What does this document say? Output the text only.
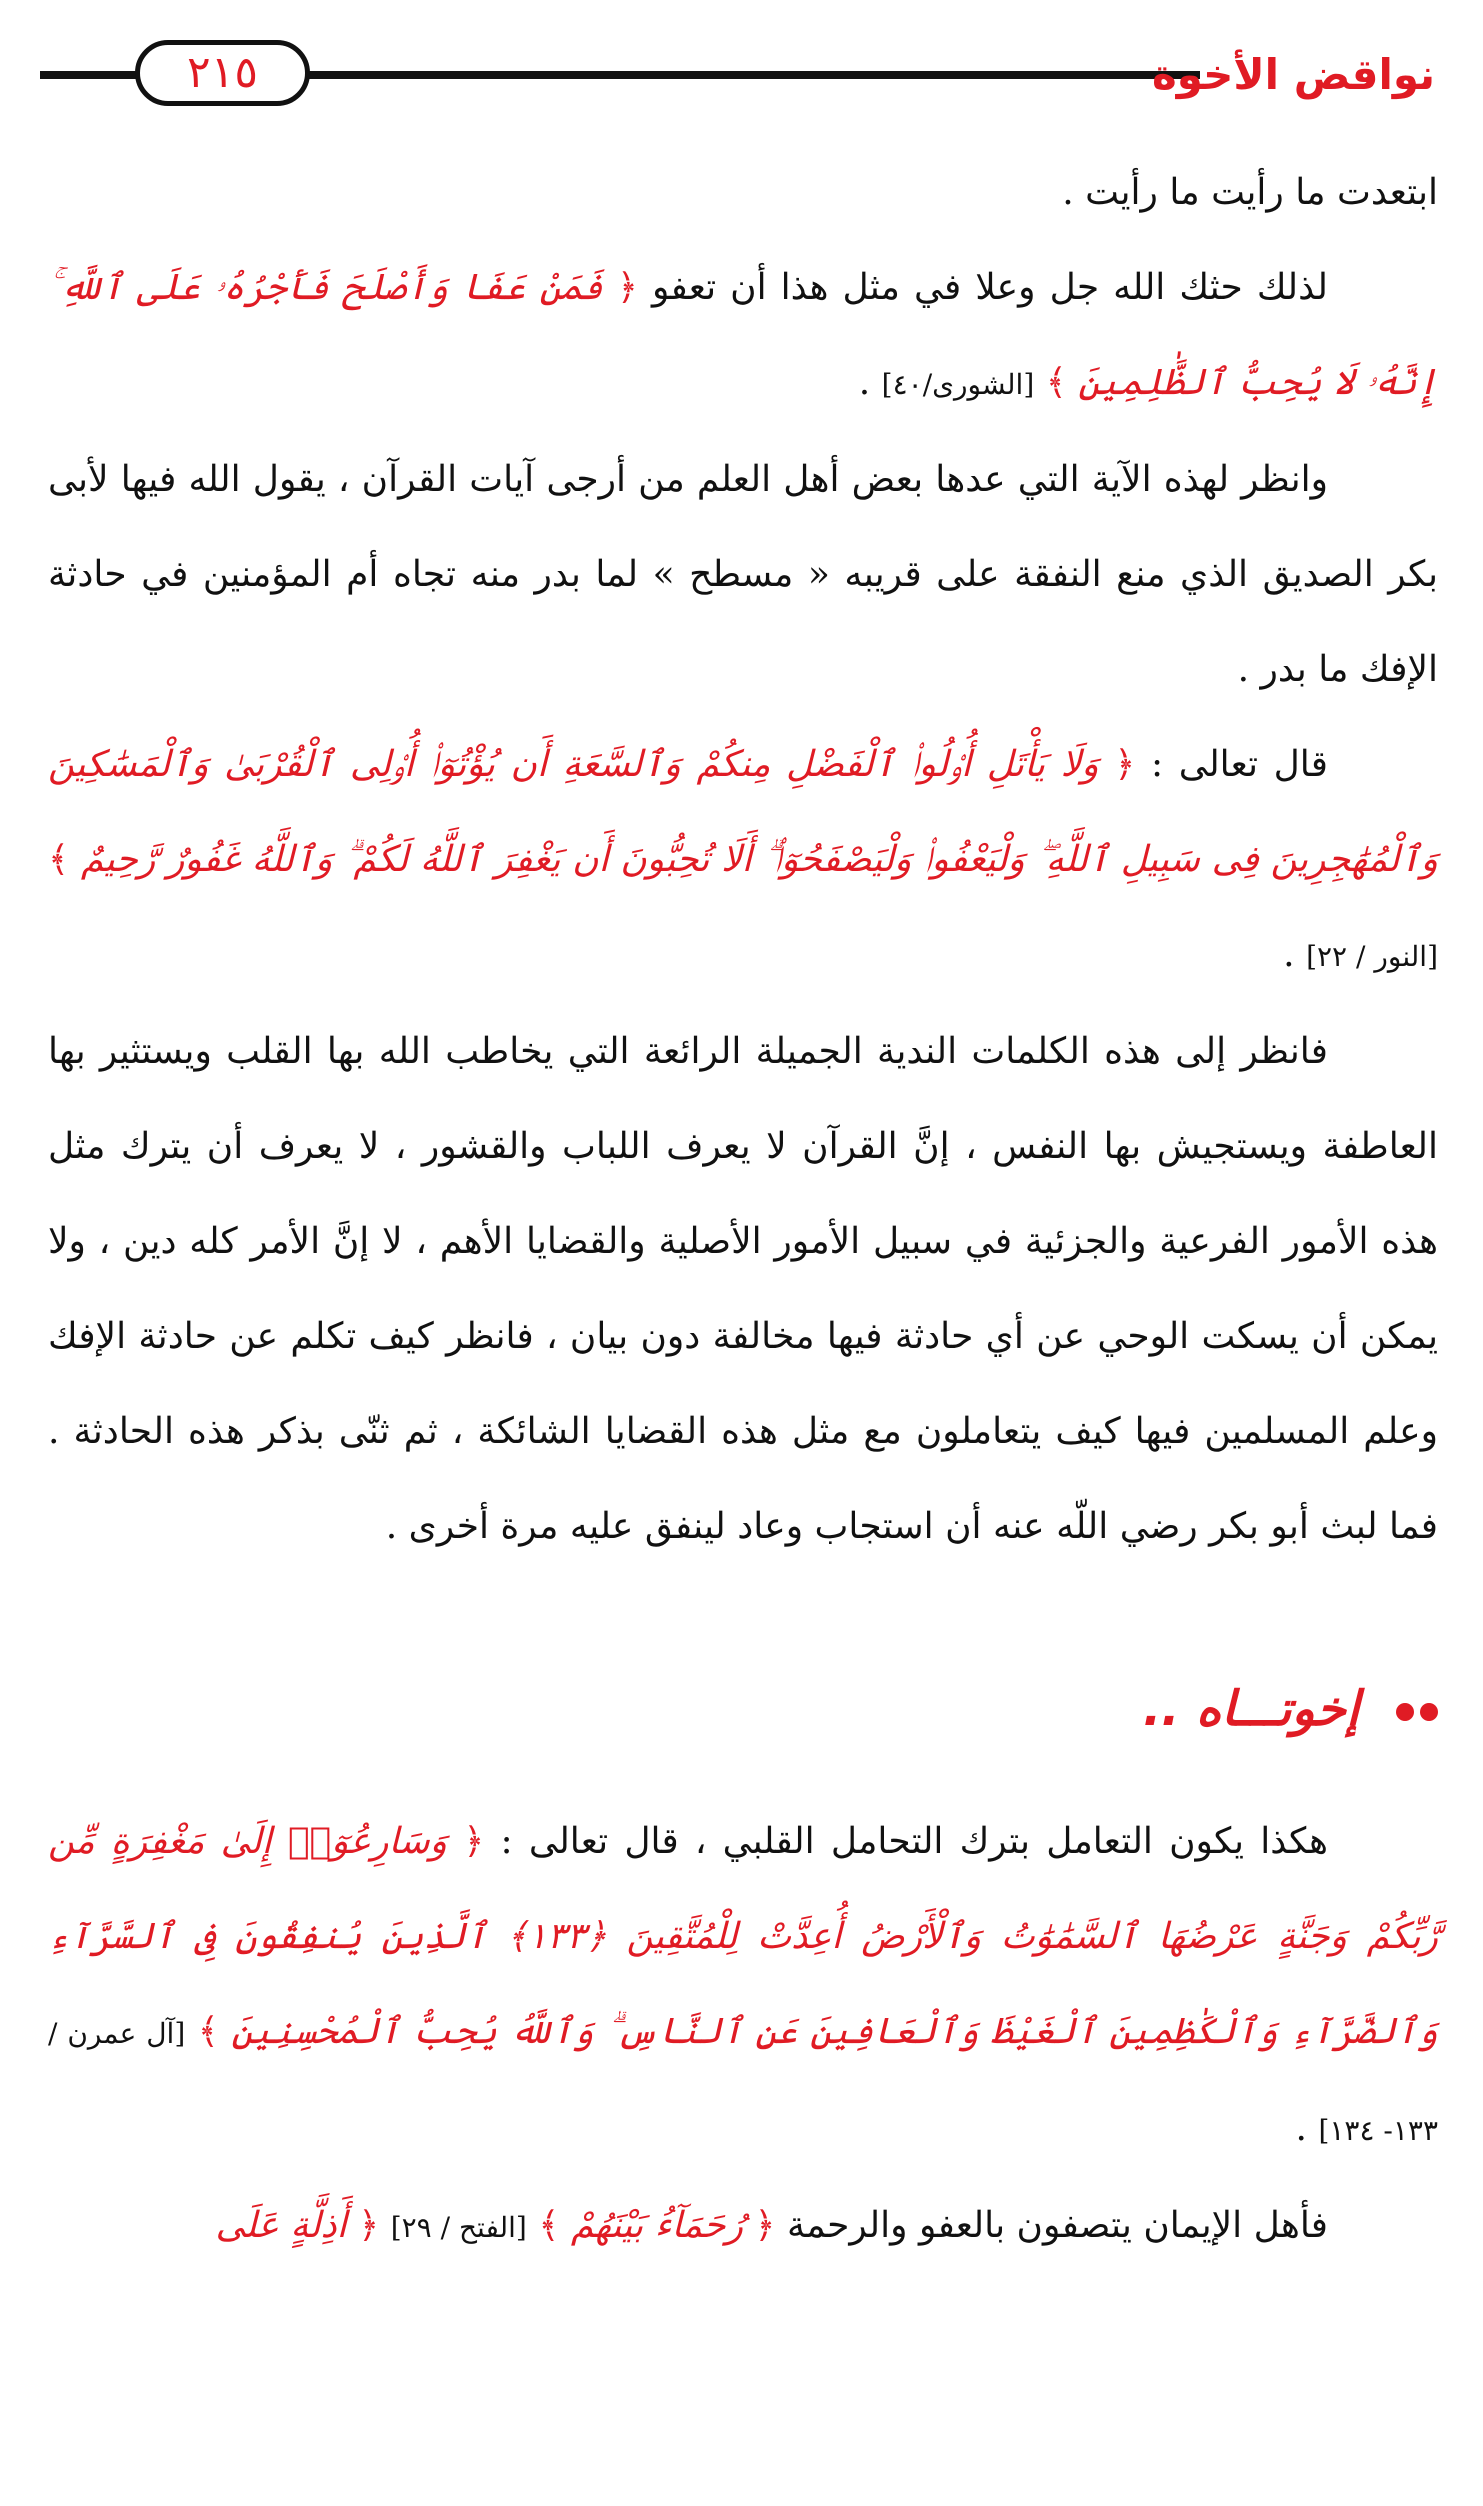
٢١٥	نواقض الأخوة

ابتعدت ما رأيت ما رأيت .

لذلك حثك الله جل وعلا في مثل هذا أن تعفو ﴿ فَمَنْ عَفَا وَأَصْلَحَ فَأَجْرُهُۥ عَلَى ٱللَّهِ ۚ إِنَّهُۥ لَا يُحِبُّ ٱلظَّٰلِمِينَ ﴾ [الشورى/٤٠] .

وانظر لهذه الآية التي عدها بعض أهل العلم من أرجى آيات القرآن ، يقول الله فيها لأبى بكر الصديق الذي منع النفقة على قريبه « مسطح » لما بدر منه تجاه أم المؤمنين في حادثة الإفك ما بدر .

قال تعالى : ﴿ وَلَا يَأْتَلِ أُو۟لُوا۟ ٱلْفَضْلِ مِنكُمْ وَٱلسَّعَةِ أَن يُؤْتُوٓا۟ أُو۟لِى ٱلْقُرْبَىٰ وَٱلْمَسَٰكِينَ وَٱلْمُهَٰجِرِينَ فِى سَبِيلِ ٱللَّهِ ۖ وَلْيَعْفُوا۟ وَلْيَصْفَحُوٓا۟ ۗ أَلَا تُحِبُّونَ أَن يَغْفِرَ ٱللَّهُ لَكُمْ ۗ وَٱللَّهُ غَفُورٌ رَّحِيمٌ ﴾ [النور / ٢٢] .

فانظر إلى هذه الكلمات الندية الجميلة الرائعة التي يخاطب الله بها القلب ويستثير بها العاطفة ويستجيش بها النفس ، إنَّ القرآن لا يعرف اللباب والقشور ، لا يعرف أن يترك مثل هذه الأمور الفرعية والجزئية في سبيل الأمور الأصلية والقضايا الأهم ، لا إنَّ الأمر كله دين ، ولا يمكن أن يسكت الوحي عن أي حادثة فيها مخالفة دون بيان ، فانظر كيف تكلم عن حادثة الإفك وعلم المسلمين فيها كيف يتعاملون مع مثل هذه القضايا الشائكة ، ثم ثنّى بذكر هذه الحادثة . فما لبث أبو بكر رضي اللّه عنه أن استجاب وعاد لينفق عليه مرة أخرى .

إخوتـــاه ..

هكذا يكون التعامل بترك التحامل القلبي ، قال تعالى : ﴿ وَسَارِعُوٓا۟ إِلَىٰ مَغْفِرَةٍ مِّن رَّبِّكُمْ وَجَنَّةٍ عَرْضُهَا ٱلسَّمَٰوَٰتُ وَٱلْأَرْضُ أُعِدَّتْ لِلْمُتَّقِينَ ﴿١٣٣﴾ ٱلَّذِينَ يُنفِقُونَ فِى ٱلسَّرَّآءِ وَٱلضَّرَّآءِ وَٱلْكَٰظِمِينَ ٱلْغَيْظَ وَٱلْعَافِينَ عَنِ ٱلنَّاسِ ۗ وَٱللَّهُ يُحِبُّ ٱلْمُحْسِنِينَ ﴾ [آل عمرن / ١٣٣- ١٣٤] .

فأهل الإيمان يتصفون بالعفو والرحمة ﴿ رُحَمَآءُ بَيْنَهُمْ ﴾ [الفتح / ٢٩] ﴿ أَذِلَّةٍ عَلَى
